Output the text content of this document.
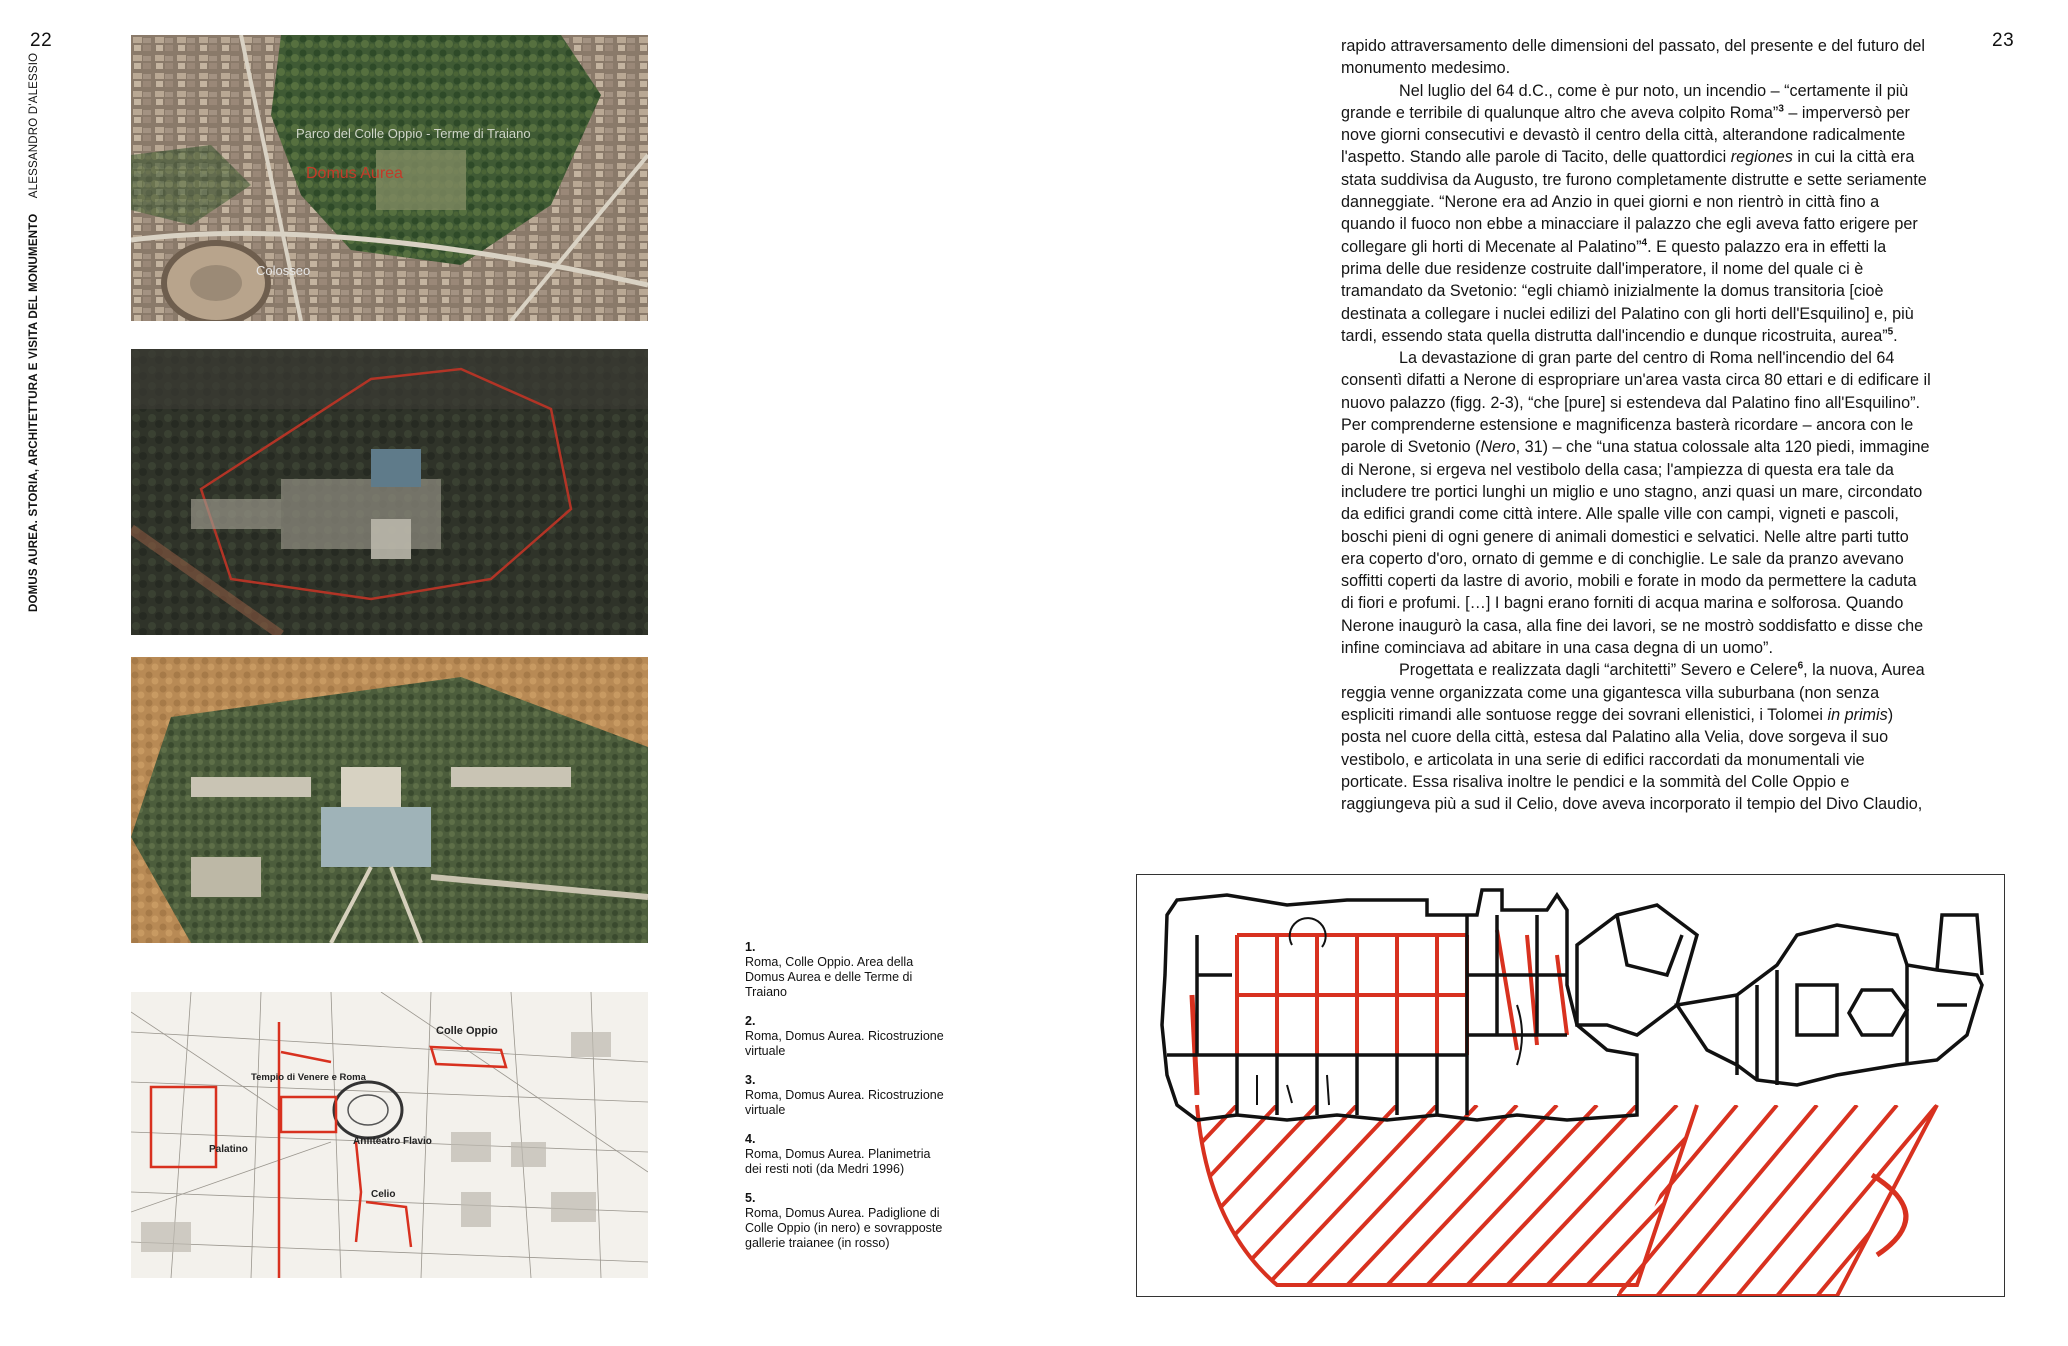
22	23
DOMUS AUREA. STORIA, ARCHITETTURA E VISITA DEL MONUMENTO ALESSANDRO D'ALESSIO	Parco del Colle Oppio - Terme di Traiano
Domus Aurea
Colosseo
Colle Oppio
Tempio di Venere e Roma
Palatino
Anfiteatro Flavio
Celio
1.
Roma, Colle Oppio. Area della Domus Aurea e delle Terme di Traiano
2.
Roma, Domus Aurea. Ricostruzione virtuale
3.
Roma, Domus Aurea. Ricostruzione virtuale
4.
Roma, Domus Aurea. Planimetria dei resti noti (da Medri 1996)
5.
Roma, Domus Aurea. Padiglione di Colle Oppio (in nero) e sovrapposte gallerie traianee (in rosso)

rapido attraversamento delle dimensioni del passato, del presente e del futuro del monumento medesimo.

Nel luglio del 64 d.C., come è pur noto, un incendio – “certamente il più grande e terribile di qualunque altro che aveva colpito Roma”$^3$ – imperversò per nove giorni consecutivi e devastò il centro della città, alterandone radicalmente l'aspetto. Stando alle parole di Tacito, delle quattordici regiones in cui la città era stata suddivisa da Augusto, tre furono completamente distrutte e sette seriamente danneggiate. “Nerone era ad Anzio in quei giorni e non rientrò in città fino a quando il fuoco non ebbe a minacciare il palazzo che egli aveva fatto erigere per collegare gli horti di Mecenate al Palatino”$^4$. E questo palazzo era in effetti la prima delle due residenze costruite dall'imperatore, il nome del quale ci è tramandato da Svetonio: “egli chiamò inizialmente la domus transitoria [cioè destinata a collegare i nuclei edilizi del Palatino con gli horti dell'Esquilino] e, più tardi, essendo stata quella distrutta dall'incendio e dunque ricostruita, aurea”$^5$.

La devastazione di gran parte del centro di Roma nell'incendio del 64 consentì difatti a Nerone di espropriare un'area vasta circa 80 ettari e di edificare il nuovo palazzo (figg. 2-3), “che [pure] si estendeva dal Palatino fino all'Esquilino”. Per comprenderne estensione e magnificenza basterà ricordare – ancora con le parole di Svetonio (Nero, 31) – che “una statua colossale alta 120 piedi, immagine di Nerone, si ergeva nel vestibolo della casa; l'ampiezza di questa era tale da includere tre portici lunghi un miglio e uno stagno, anzi quasi un mare, circondato da edifici grandi come città intere. Alle spalle ville con campi, vigneti e pascoli, boschi pieni di ogni genere di animali domestici e selvatici. Nelle altre parti tutto era coperto d'oro, ornato di gemme e di conchiglie. Le sale da pranzo avevano soffitti coperti da lastre di avorio, mobili e forate in modo da permettere la caduta di fiori e profumi. […] I bagni erano forniti di acqua marina e solforosa. Quando Nerone inaugurò la casa, alla fine dei lavori, se ne mostrò soddisfatto e disse che infine cominciava ad abitare in una casa degna di un uomo”.

Progettata e realizzata dagli “architetti” Severo e Celere$^6$, la nuova, Aurea reggia venne organizzata come una gigantesca villa suburbana (non senza espliciti rimandi alle sontuose regge dei sovrani ellenistici, i Tolomei in primis) posta nel cuore della città, estesa dal Palatino alla Velia, dove sorgeva il suo vestibolo, e articolata in una serie di edifici raccordati da monumentali vie porticate. Essa risaliva inoltre le pendici e la sommità del Colle Oppio e raggiungeva più a sud il Celio, dove aveva incorporato il tempio del Divo Claudio,
